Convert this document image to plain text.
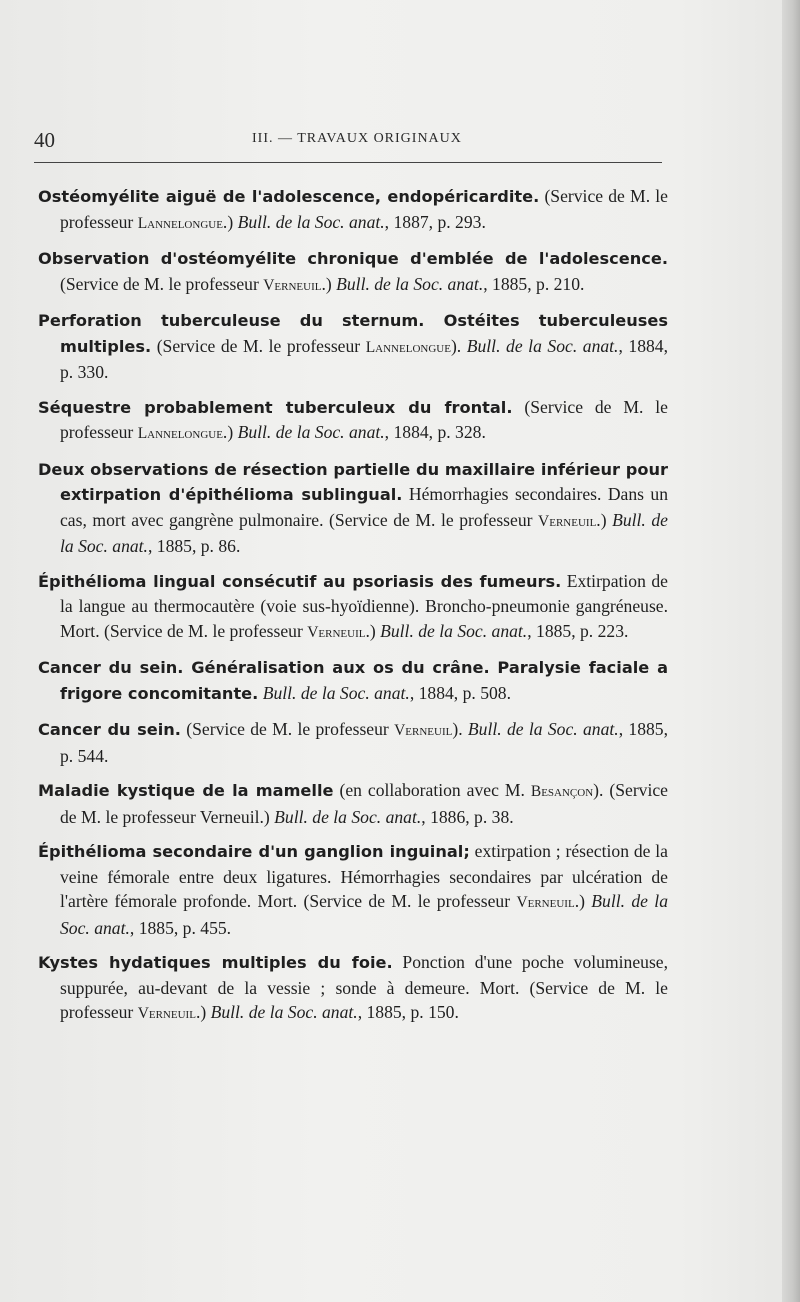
40	III. — TRAVAUX ORIGINAUX

Ostéomyélite aiguë de l'adolescence, endopéricardite. (Service de M. le professeur Lannelongue.) Bull. de la Soc. anat., 1887, p. 293.

Observation d'ostéomyélite chronique d'emblée de l'adolescence. (Service de M. le professeur Verneuil.) Bull. de la Soc. anat., 1885, p. 210.

Perforation tuberculeuse du sternum. Ostéites tuberculeuses multiples. (Service de M. le professeur Lannelongue). Bull. de la Soc. anat., 1884, p. 330.

Séquestre probablement tuberculeux du frontal. (Service de M. le professeur Lannelongue.) Bull. de la Soc. anat., 1884, p. 328.

Deux observations de résection partielle du maxillaire inférieur pour extirpation d'épithélioma sublingual. Hémorrhagies secondaires. Dans un cas, mort avec gangrène pulmonaire. (Service de M. le professeur Verneuil.) Bull. de la Soc. anat., 1885, p. 86.

Épithélioma lingual consécutif au psoriasis des fumeurs. Extirpation de la langue au thermocautère (voie sus-hyoïdienne). Broncho-pneumonie gangréneuse. Mort. (Service de M. le professeur Verneuil.) Bull. de la Soc. anat., 1885, p. 223.

Cancer du sein. Généralisation aux os du crâne. Paralysie faciale a frigore concomitante. Bull. de la Soc. anat., 1884, p. 508.

Cancer du sein. (Service de M. le professeur Verneuil). Bull. de la Soc. anat., 1885, p. 544.

Maladie kystique de la mamelle (en collaboration avec M. Besançon). (Service de M. le professeur Verneuil.) Bull. de la Soc. anat., 1886, p. 38.

Épithélioma secondaire d'un ganglion inguinal; extirpation ; résection de la veine fémorale entre deux ligatures. Hémorrhagies secondaires par ulcération de l'artère fémorale profonde. Mort. (Service de M. le professeur Verneuil.) Bull. de la Soc. anat., 1885, p. 455.

Kystes hydatiques multiples du foie. Ponction d'une poche volumineuse, suppurée, au-devant de la vessie ; sonde à demeure. Mort. (Service de M. le professeur Verneuil.) Bull. de la Soc. anat., 1885, p. 150.
